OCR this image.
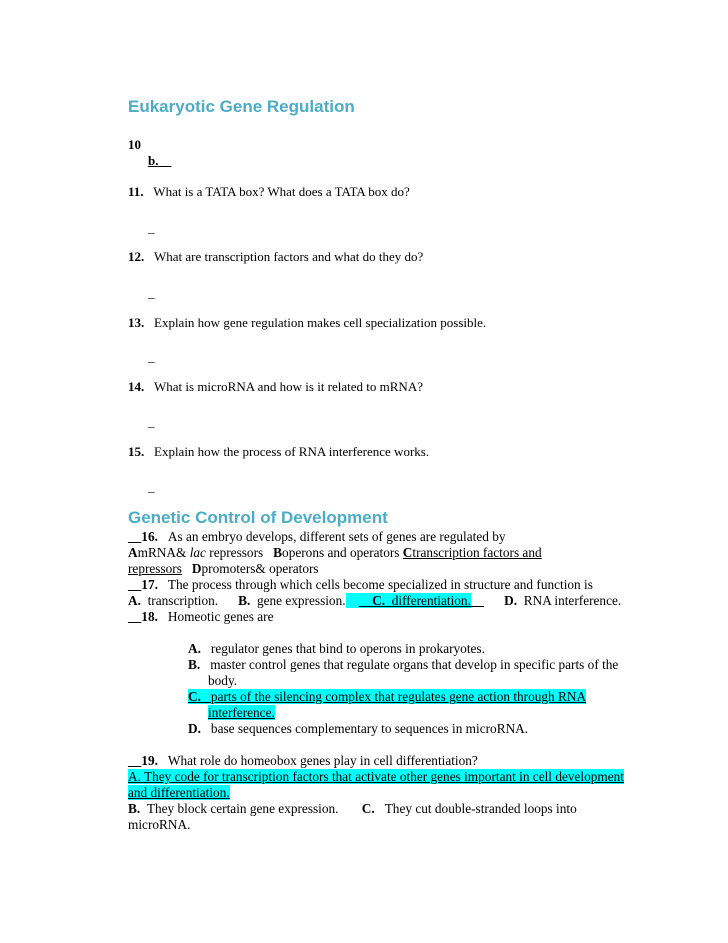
Eukaryotic Gene Regulation
10
b.
11. What is a TATA box? What does a TATA box do?
_
12. What are transcription factors and what do they do?
_
13. Explain how gene regulation makes cell specialization possible.
_
14. What is microRNA and how is it related to mRNA?
_
15. Explain how the process of RNA interference works.
_
Genetic Control of Development
__16. As an embryo develops, different sets of genes are regulated by
AmRNA& lac repressors Boperons and operators Ctranscription factors and
repressors Dpromoters& operators
__17. The process through which cells become specialized in structure and function is
A. transcription. B. gene expression. __C. differentiation.	D. RNA interference.
__18. Homeotic genes are
A. regulator genes that bind to operons in prokaryotes.
B. master control genes that regulate organs that develop in specific parts of the
body.
C. parts of the silencing complex that regulates gene action through RNA
interference.
D. base sequences complementary to sequences in microRNA.
__19. What role do homeobox genes play in cell differentiation?
A. They code for transcription factors that activate other genes important in cell development
and differentiation.
B. They block certain gene expression. C. They cut double-stranded loops into
microRNA.
